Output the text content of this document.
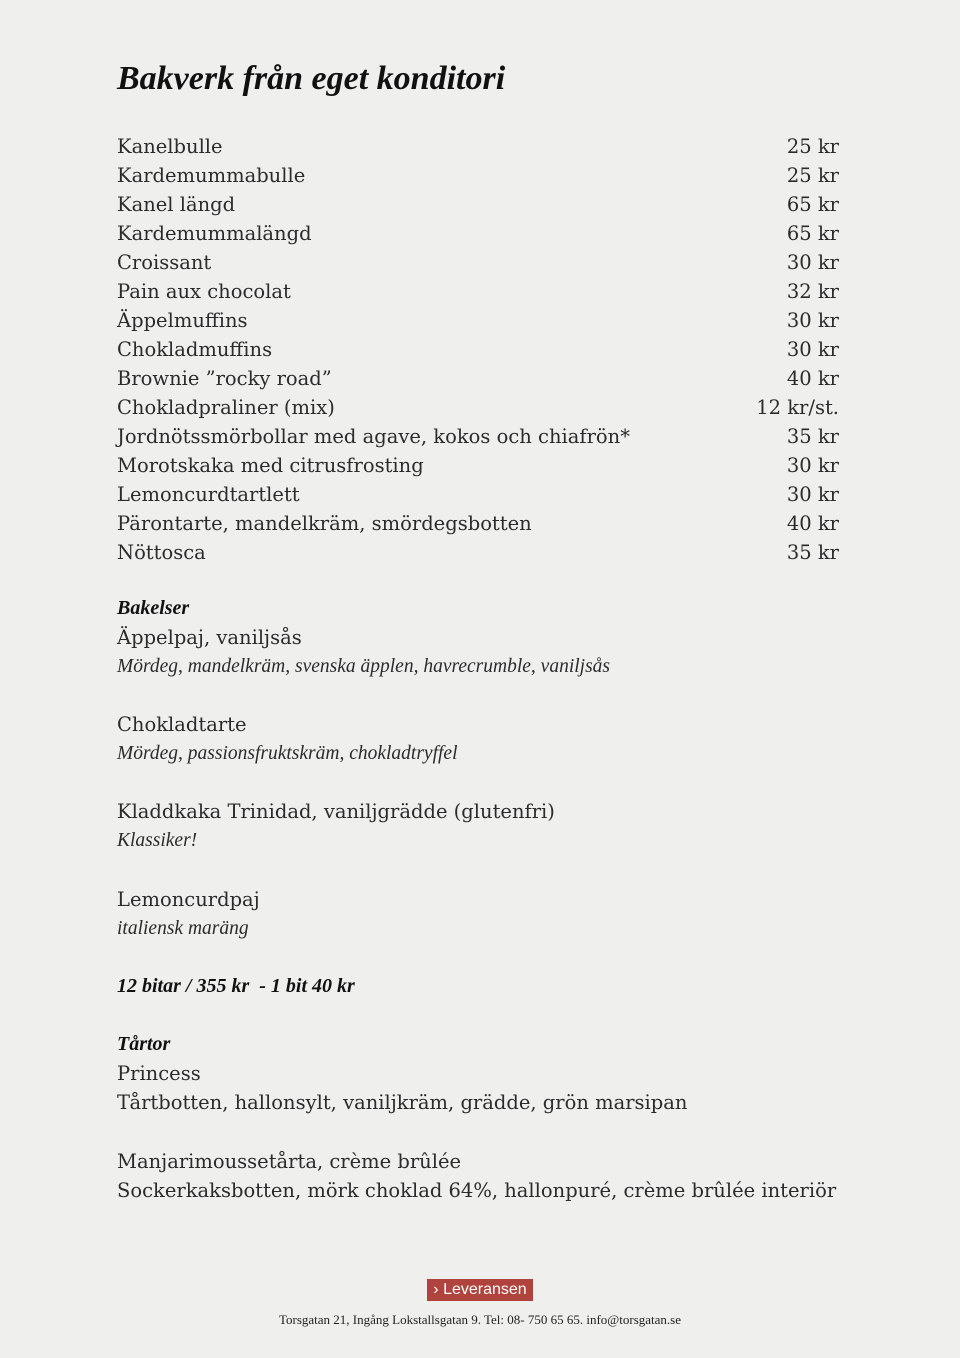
Bakverk från eget konditori
Kanelbulle	25 kr
Kardemummabulle	25 kr
Kanel längd	65 kr
Kardemummalängd	65 kr
Croissant	30 kr
Pain aux chocolat	32 kr
Äppelmuffins	30 kr
Chokladmuffins	30 kr
Brownie ”rocky road”	40 kr
Chokladpraliner (mix)	12 kr/st.
Jordnötssmörbollar med agave, kokos och chiafrön*	35 kr
Morotskaka med citrusfrosting	30 kr
Lemoncurdtartlett	30 kr
Pärontarte, mandelkräm, smördegsbotten	40 kr
Nöttosca	35 kr
Bakelser
Äppelpaj, vaniljsås
Mördeg, mandelkräm, svenska äpplen, havrecrumble, vaniljsås
Chokladtarte
Mördeg, passionsfruktskräm, chokladtryffel
Kladdkaka Trinidad, vaniljgrädde (glutenfri)
Klassiker!
Lemoncurdpaj
italiensk maräng
12 bitar / 355 kr  - 1 bit 40 kr
Tårtor
Princess
Tårtbotten, hallonsylt, vaniljkräm, grädde, grön marsipan
Manjarimoussetårta, crème brûlée
Sockerkaksbotten, mörk choklad 64%, hallonpuré, crème brûlée interiör
› Leveransen
Torsgatan 21, Ingång Lokstallsgatan 9. Tel: 08- 750 65 65. info@torsgatan.se
